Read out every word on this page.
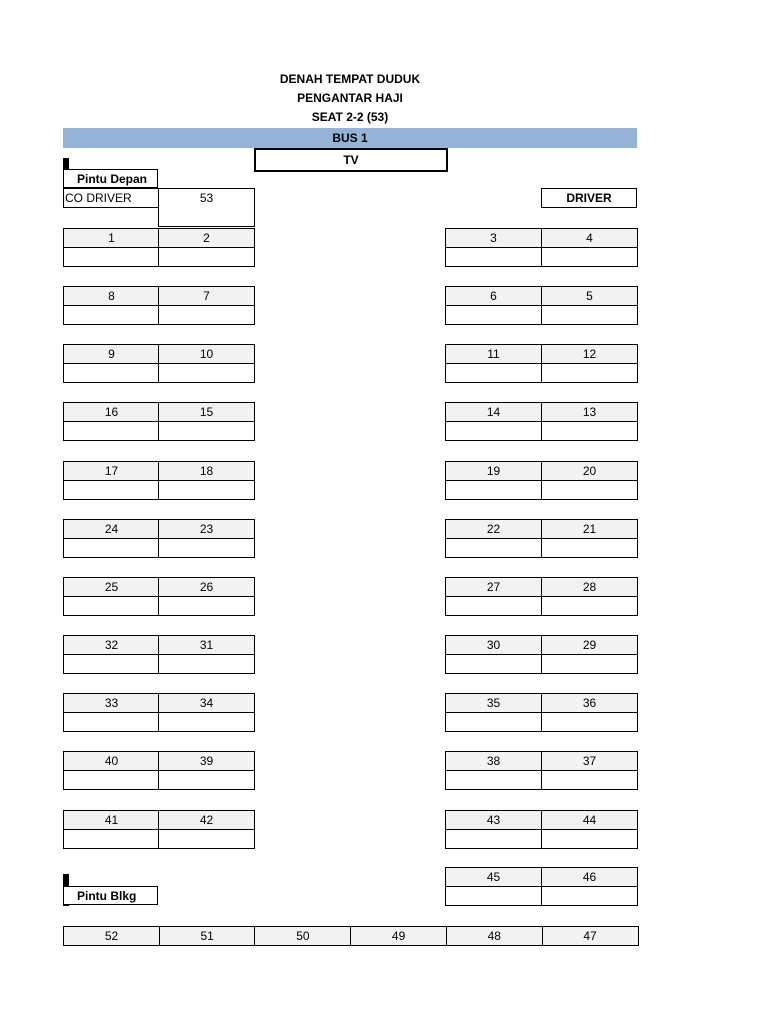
DENAH TEMPAT DUDUK
PENGANTAR HAJI
SEAT 2-2 (53)
BUS 1
TV
Pintu Depan
CO DRIVER	53	DRIVER
1	2	3	4
8	7	6	5
9	10	11	12
16	15	14	13
17	18	19	20
24	23	22	21
25	26	27	28
32	31	30	29
33	34	35	36
40	39	38	37
41	42	43	44
45	46
Pintu Blkg
52	51	50	49	48	47
